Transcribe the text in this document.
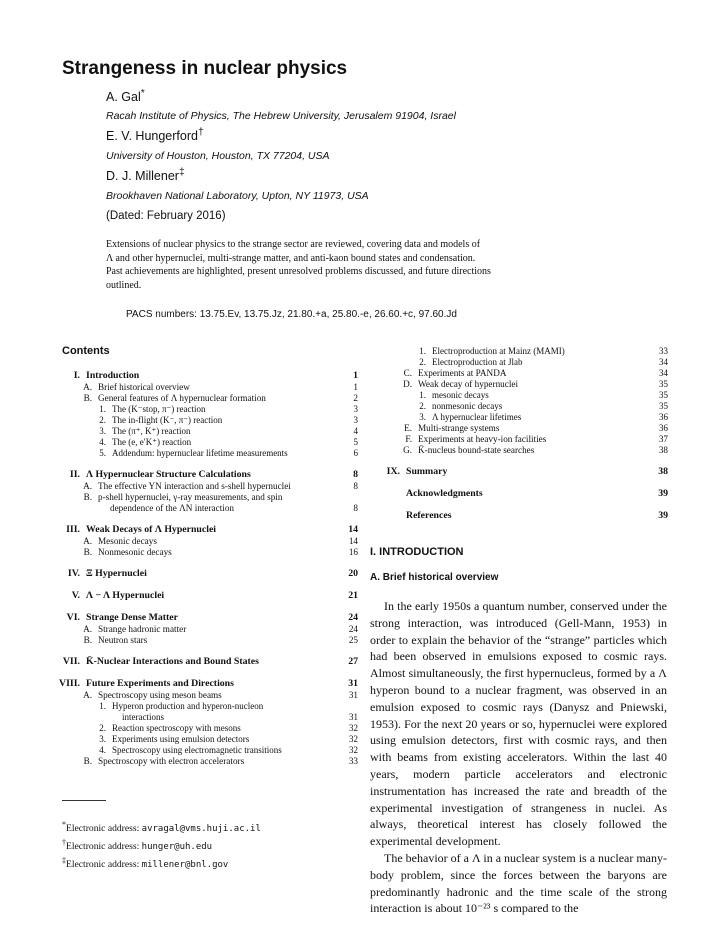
Strangeness in nuclear physics
A. Gal*
Racah Institute of Physics, The Hebrew University, Jerusalem 91904, Israel
E. V. Hungerford†
University of Houston, Houston, TX 77204, USA
D. J. Millener‡
Brookhaven National Laboratory, Upton, NY 11973, USA
(Dated: February 2016)
Extensions of nuclear physics to the strange sector are reviewed, covering data and models of
Λ and other hypernuclei, multi-strange matter, and anti-kaon bound states and condensation.
Past achievements are highlighted, present unresolved problems discussed, and future directions
outlined.
PACS numbers: 13.75.Ev, 13.75.Jz, 21.80.+a, 25.80.-e, 26.60.+c, 97.60.Jd
Contents
I. Introduction	1
A. Brief historical overview	1
B. General features of Λ hypernuclear formation	2
1. The (K⁻stop, π⁻) reaction	3
2. The in-flight (K⁻, π⁻) reaction	3
3. The (π⁺, K⁺) reaction	4
4. The (e, e′K⁺) reaction	5
5. Addendum: hypernuclear lifetime measurements	6
II. Λ Hypernuclear Structure Calculations	8
A. The effective YN interaction and s-shell hypernuclei	8
B. p-shell hypernuclei, γ-ray measurements, and spin
dependence of the ΛN interaction	8
III. Weak Decays of Λ Hypernuclei	14
A. Mesonic decays	14
B. Nonmesonic decays	16
IV. Ξ Hypernuclei	20
V. Λ − Λ Hypernuclei	21
VI. Strange Dense Matter	24
A. Strange hadronic matter	24
B. Neutron stars	25
VII. K̄-Nuclear Interactions and Bound States	27
VIII. Future Experiments and Directions	31
A. Spectroscopy using meson beams	31
1. Hyperon production and hyperon-nucleon
interactions	31
2. Reaction spectroscopy with mesons	32
3. Experiments using emulsion detectors	32
4. Spectroscopy using electromagnetic transitions	32
B. Spectroscopy with electron accelerators	33
1. Electroproduction at Mainz (MAMI)	33
2. Electroproduction at Jlab	34
C. Experiments at PANDA	34
D. Weak decay of hypernuclei	35
1. mesonic decays	35
2. nonmesonic decays	35
3. Λ hypernuclear lifetimes	36
E. Multi-strange systems	36
F. Experiments at heavy-ion facilities	37
G. K̄-nucleus bound-state searches	38
IX. Summary	38
Acknowledgments	39
References	39
*Electronic address: avragal@vms.huji.ac.il
†Electronic address: hunger@uh.edu
‡Electronic address: millener@bnl.gov
I. INTRODUCTION
A. Brief historical overview

In the early 1950s a quantum number, conserved under the strong interaction, was introduced (Gell-Mann, 1953) in order to explain the behavior of the “strange” particles which had been observed in emulsions exposed to cosmic rays. Almost simultaneously, the first hypernucleus, formed by a Λ hyperon bound to a nuclear fragment, was observed in an emulsion exposed to cosmic rays (Danysz and Pniewski, 1953). For the next 20 years or so, hypernuclei were explored using emulsion detectors, first with cosmic rays, and then with beams from existing accelerators. Within the last 40 years, modern particle accelerators and electronic instrumentation has increased the rate and breadth of the experimental investigation of strangeness in nuclei. As always, theoretical interest has closely followed the experimental development.

The behavior of a Λ in a nuclear system is a nuclear many-body problem, since the forces between the baryons are predominantly hadronic and the time scale of the strong interaction is about 10⁻²³ s compared to the
